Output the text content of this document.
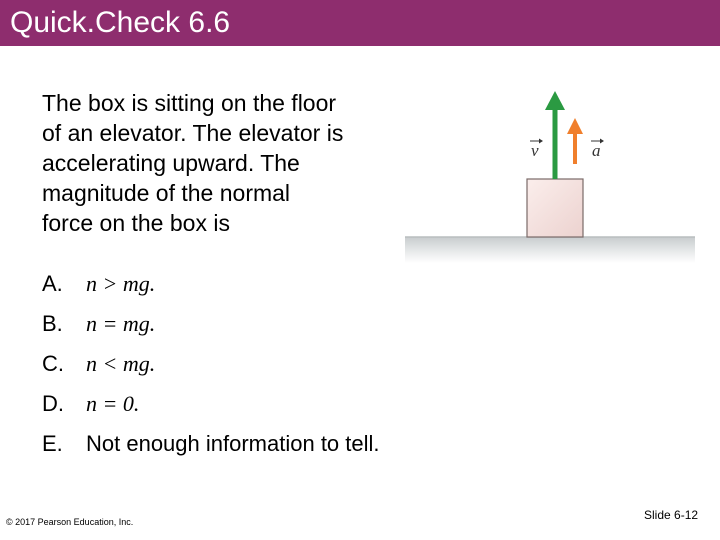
Quick.Check 6.6
The box is sitting on the floor
of an elevator. The elevator is
accelerating upward. The
magnitude of the normal
force on the box is
v	a
A. n > mg.
B. n = mg.
C. n < mg.
D. n = 0.
E. Not enough information to tell.
© 2017 Pearson Education, Inc.	Slide 6-12
